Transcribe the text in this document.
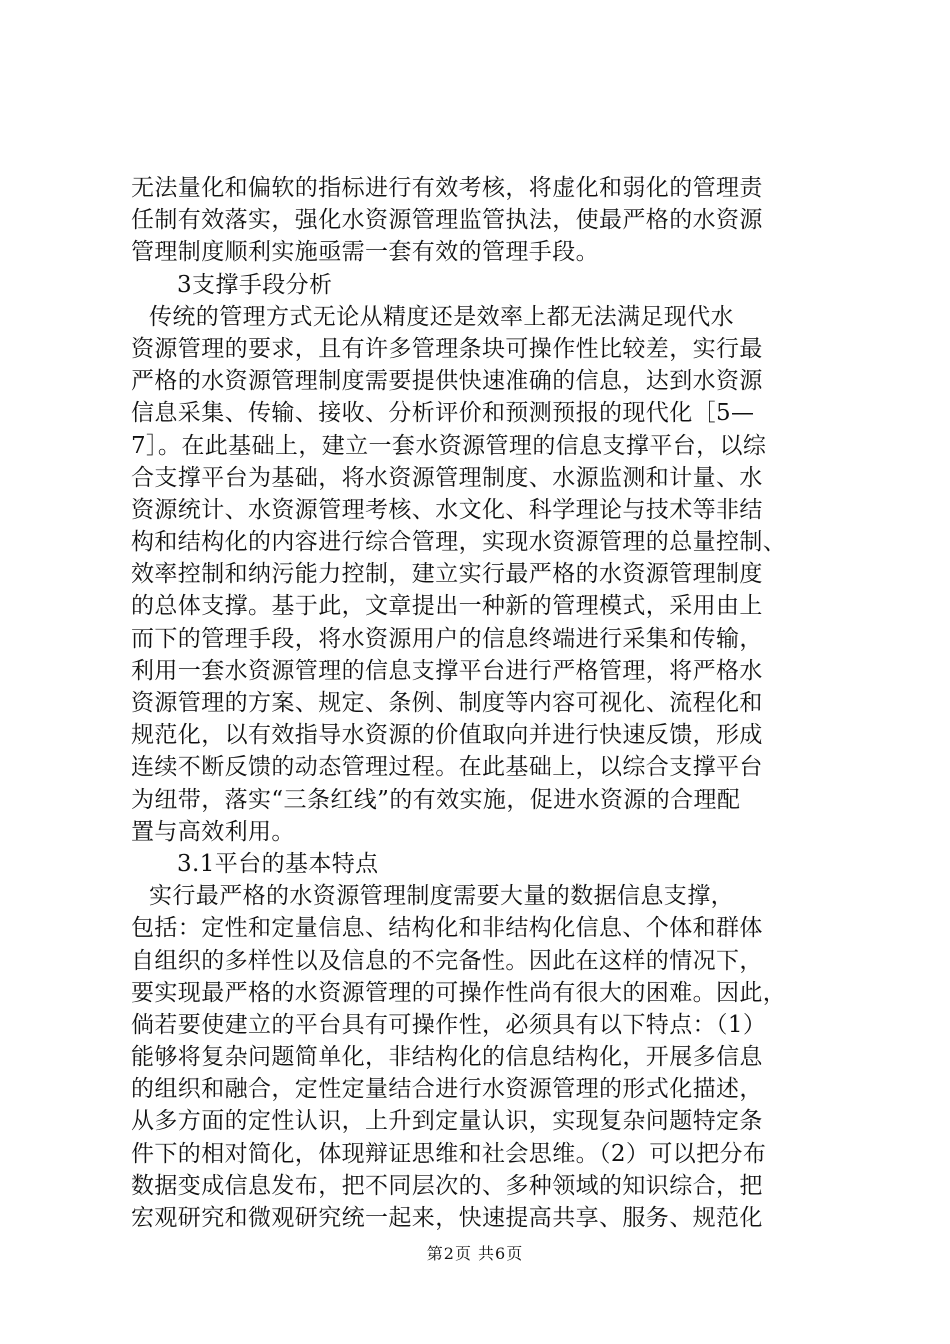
无法量化和偏软的指标进行有效考核，将虚化和弱化的管理责
任制有效落实，强化水资源管理监管执法，使最严格的水资源
管理制度顺利实施亟需一套有效的管理手段。
3支撑手段分析
传统的管理方式无论从精度还是效率上都无法满足现代水
资源管理的要求，且有许多管理条块可操作性比较差，实行最
严格的水资源管理制度需要提供快速准确的信息，达到水资源
信息采集、传输、接收、分析评价和预测预报的现代化［5—
7］。在此基础上，建立一套水资源管理的信息支撑平台，以综
合支撑平台为基础，将水资源管理制度、水源监测和计量、水
资源统计、水资源管理考核、水文化、科学理论与技术等非结
构和结构化的内容进行综合管理，实现水资源管理的总量控制、
效率控制和纳污能力控制，建立实行最严格的水资源管理制度
的总体支撑。基于此，文章提出一种新的管理模式，采用由上
而下的管理手段，将水资源用户的信息终端进行采集和传输，
利用一套水资源管理的信息支撑平台进行严格管理，将严格水
资源管理的方案、规定、条例、制度等内容可视化、流程化和
规范化，以有效指导水资源的价值取向并进行快速反馈，形成
连续不断反馈的动态管理过程。在此基础上，以综合支撑平台
为纽带，落实“三条红线”的有效实施，促进水资源的合理配
置与高效利用。
3.1平台的基本特点
实行最严格的水资源管理制度需要大量的数据信息支撑，
包括：定性和定量信息、结构化和非结构化信息、个体和群体
自组织的多样性以及信息的不完备性。因此在这样的情况下，
要实现最严格的水资源管理的可操作性尚有很大的困难。因此，
倘若要使建立的平台具有可操作性，必须具有以下特点：（1）
能够将复杂问题简单化，非结构化的信息结构化，开展多信息
的组织和融合，定性定量结合进行水资源管理的形式化描述，
从多方面的定性认识，上升到定量认识，实现复杂问题特定条
件下的相对简化，体现辩证思维和社会思维。（2）可以把分布
数据变成信息发布，把不同层次的、多种领域的知识综合，把
宏观研究和微观研究统一起来，快速提高共享、服务、规范化
第2页 共6页
